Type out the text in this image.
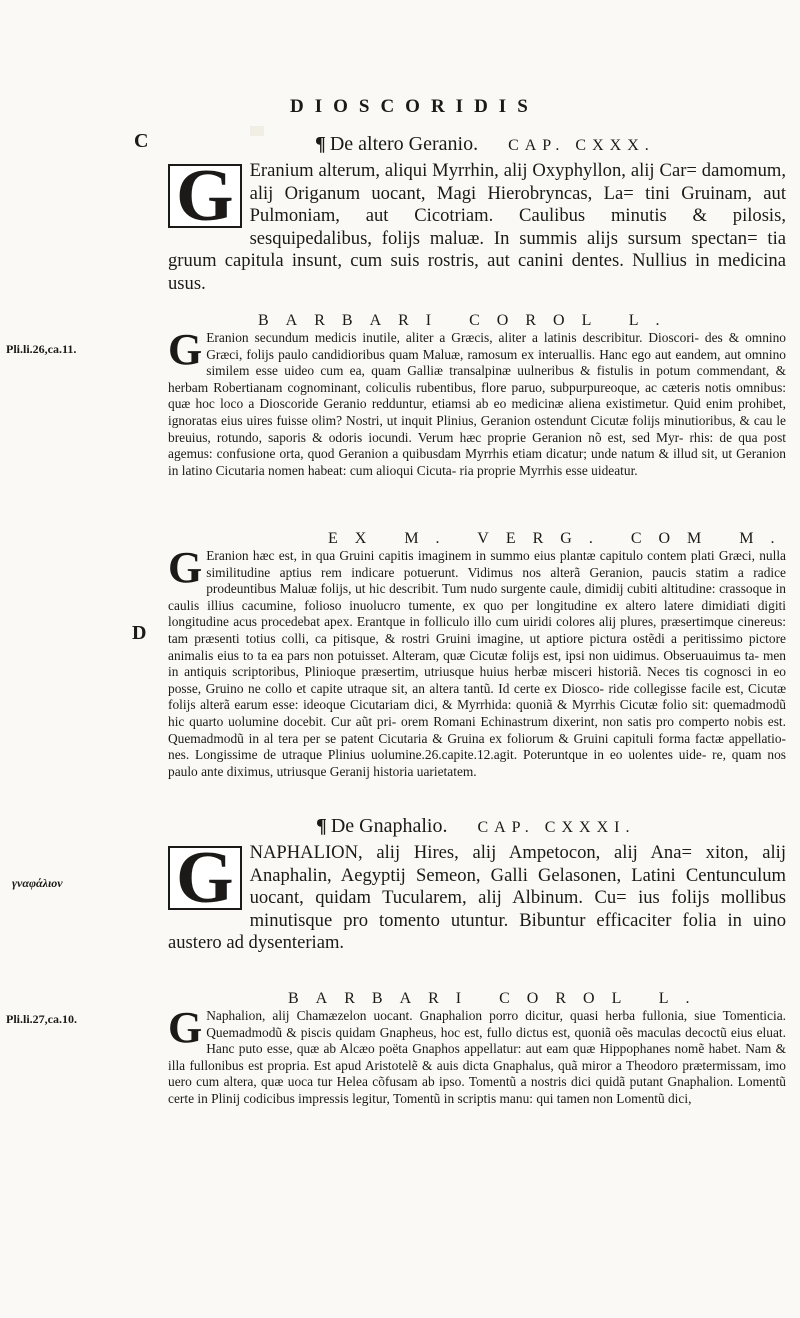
DIOSCORIDIS
C
D
Pli.li.26,ca.11.
γναφάλιον
Pli.li.27,ca.10.
¶ De altero Geranio. CAP. CXXX.

G Eranium alterum, aliqui Myrrhin, alij Oxyphyllon, alij Car= damomum, alij Origanum uocant, Magi Hierobryncas, La= tini Gruinam, aut Pulmoniam, aut Cicotriam. Caulibus minutis & pilosis, sesquipedalibus, folijs maluæ. In summis alijs sursum spectan= tia gruum capitula insunt, cum suis rostris, aut canini dentes. Nullius in medicina usus.

BARBARI COROL L.

G Eranion secundum medicis inutile, aliter a Græcis, aliter a latinis describitur. Dioscori- des & omnino Græci, folijs paulo candidioribus quam Maluæ, ramosum ex interuallis. Hanc ego aut eandem, aut omnino similem esse uideo cum ea, quam Galliæ transalpinæ uulneribus & fistulis in potum commendant, & herbam Robertianam cognominant, coliculis rubentibus, flore paruo, subpurpureoque, ac cæteris notis omnibus: quæ hoc loco a Dioscoride Geranio redduntur, etiamsi ab eo medicinæ aliena existimetur. Quid enim prohibet, ignoratas eius uires fuisse olim? Nostri, ut inquit Plinius, Geranion ostendunt Cicutæ folijs minutioribus, & cau le breuius, rotundo, saporis & odoris iocundi. Verum hæc proprie Geranion nõ est, sed Myr- rhis: de qua post agemus: confusione orta, quod Geranion a quibusdam Myrrhis etiam dicatur; unde natum & illud sit, ut Geranion in latino Cicutaria nomen habeat: cum alioqui Cicuta- ria proprie Myrrhis esse uideatur.

EX M. VERG. COM M.

G Eranion hæc est, in qua Gruini capitis imaginem in summo eius plantæ capitulo contem plati Græci, nulla similitudine aptius rem indicare potuerunt. Vidimus nos alterã Geranion, paucis statim a radice prodeuntibus Maluæ folijs, ut hic describit. Tum nudo surgente caule, dimidij cubiti altitudine: crassoque in caulis illius cacumine, folioso inuolucro tumente, ex quo per longitudine ex altero latere dimidiati digiti longitudine acus procedebat apex. Erantque in folliculo illo cum uiridi colores alij plures, præsertimque cinereus: tam præsenti totius colli, ca pitisque, & rostri Gruini imagine, ut aptiore pictura ostẽdi a peritissimo pictore animalis eius to ta ea pars non potuisset. Alteram, quæ Cicutæ folijs est, ipsi non uidimus. Obseruauimus ta- men in antiquis scriptoribus, Plinioque præsertim, utriusque huius herbæ misceri historiã. Neces tis cognosci in eo posse, Gruino ne collo et capite utraque sit, an altera tantũ. Id certe ex Diosco- ride collegisse facile est, Cicutæ folijs alterã earum esse: ideoque Cicutariam dici, & Myrrhida: quoniã & Myrrhis Cicutæ folio sit: quemadmodũ hic quarto uolumine docebit. Cur aũt pri- orem Romani Echinastrum dixerint, non satis pro comperto nobis est. Quemadmodũ in al tera per se patent Cicutaria & Gruina ex foliorum & Gruini capituli forma factæ appellatio- nes. Longissime de utraque Plinius uolumine.26.capite.12.agit. Poteruntque in eo uolentes uide- re, quam nos paulo ante diximus, utriusque Geranij historia uarietatem.

¶ De Gnaphalio. CAP. CXXXI.

G NAPHALION, alij Hires, alij Ampetocon, alij Ana= xiton, alij Anaphalin, Aegyptij Semeon, Galli Gelasonen, Latini Centunculum uocant, quidam Tucularem, alij Albinum. Cu= ius folijs mollibus minutisque pro tomento utuntur. Bibuntur efficaciter folia in uino austero ad dysenteriam.

BARBARI COROL L.

G Naphalion, alij Chamæzelon uocant. Gnaphalion porro dicitur, quasi herba fullonia, siue Tomenticia. Quemadmodũ & piscis quidam Gnapheus, hoc est, fullo dictus est, quoniã oẽs maculas decoctũ eius eluat. Hanc puto esse, quæ ab Alcæo poëta Gnaphos appellatur: aut eam quæ Hippophanes nomẽ habet. Nam & illa fullonibus est propria. Est apud Aristotelẽ & auis dicta Gnaphalus, quã miror a Theodoro prætermissam, imo uero cum altera, quæ uoca tur Helea cõfusam ab ipso. Tomentũ a nostris dici quidã putant Gnaphalion. Lomentũ certe in Plinij codicibus impressis legitur, Tomentũ in scriptis manu: qui tamen non Lomentũ dici,
